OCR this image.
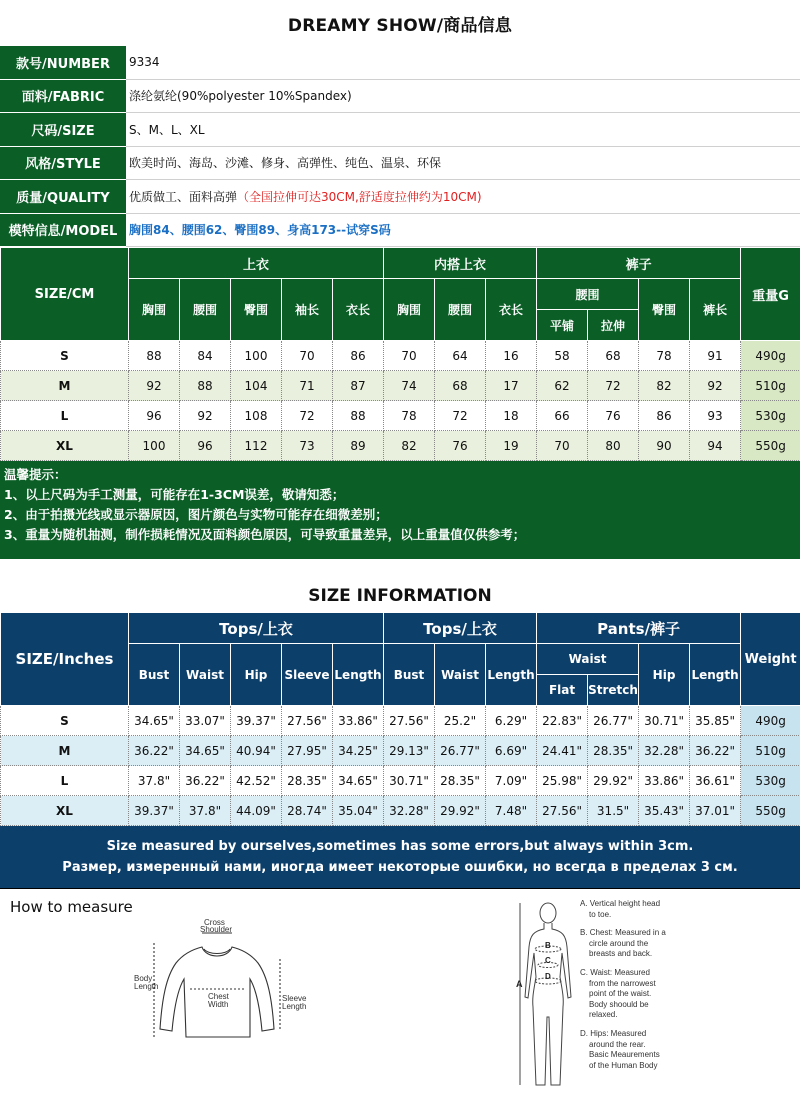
DREAMY SHOW/商品信息
款号/NUMBER	9334
面料/FABRIC	涤纶氨纶(90%polyester 10%Spandex)
尺码/SIZE	S、M、L、XL
风格/STYLE	欧美时尚、海岛、沙滩、修身、高弹性、纯色、温泉、环保
质量/QUALITY	优质做工、面料高弹（全国拉伸可达30CM,舒适度拉伸约为10CM)
模特信息/MODEL	胸围84、腰围62、臀围89、身高173--试穿S码
SIZE/CM	上衣					内搭上衣			裤子				重量G
	胸围	腰围	臀围	袖长	衣长	胸围	腰围	衣长	腰围		臀围	裤长	
									平铺	拉伸			
S	88	84	100	70	86	70	64	16	58	68	78	91	490g
M	92	88	104	71	87	74	68	17	62	72	82	92	510g
L	96	92	108	72	88	78	72	18	66	76	86	93	530g
XL	100	96	112	73	89	82	76	19	70	80	90	94	550g
温馨提示：
1、以上尺码为手工测量，可能存在1-3CM误差，敬请知悉；
2、由于拍摄光线或显示器原因，图片颜色与实物可能存在细微差别；
3、重量为随机抽测，制作损耗情况及面料颜色原因，可导致重量差异，以上重量值仅供参考；
SIZE INFORMATION
SIZE/Inches	Tops/上衣					Tops/上衣			Pants/裤子				Weight
	Bust	Waist	Hip	Sleeve	Length	Bust	Waist	Length	Waist		Hip	Length	
									Flat	Stretch			
S	34.65"	33.07"	39.37"	27.56"	33.86"	27.56"	25.2"	6.29"	22.83"	26.77"	30.71"	35.85"	490g
M	36.22"	34.65"	40.94"	27.95"	34.25"	29.13"	26.77"	6.69"	24.41"	28.35"	32.28"	36.22"	510g
L	37.8"	36.22"	42.52"	28.35"	34.65"	30.71"	28.35"	7.09"	25.98"	29.92"	33.86"	36.61"	530g
XL	39.37"	37.8"	44.09"	28.74"	35.04"	32.28"	29.92"	7.48"	27.56"	31.5"	35.43"	37.01"	550g
Size measured by ourselves,sometimes has some errors,but always within 3cm.
Размер, измеренный нами, иногда имеет некоторые ошибки, но всегда в пределах 3 см.
How to measure
Cross
Shoulder
Body
Length
Chest
Width
Sleeve
Length
A
B
C
D
A. Vertical height head
to toe.
B. Chest: Measured in a
circle around the
breasts and back.
C. Waist: Measured
from the narrowest
point of the waist.
Body shoould be
relaxed.
D. Hips: Measured
around the rear.
Basic Meaurements
of the Human Body
